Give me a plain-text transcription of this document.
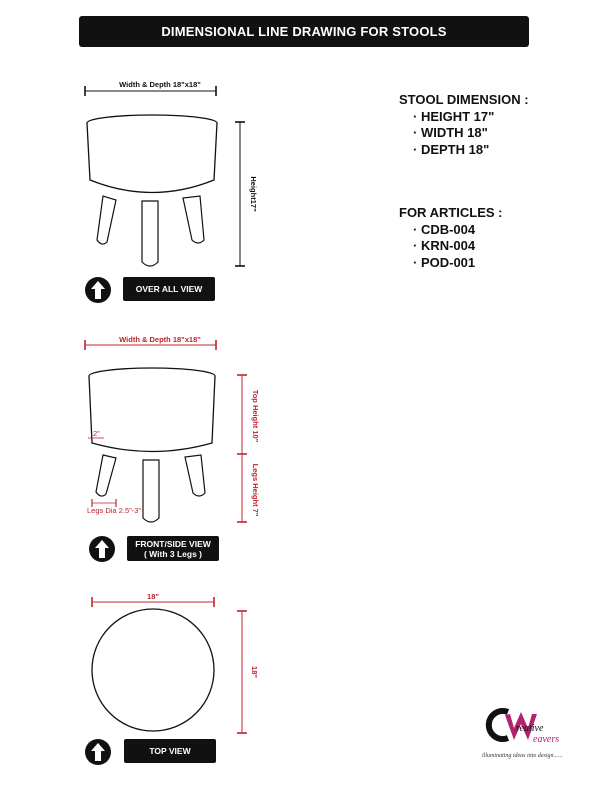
DIMENSIONAL LINE DRAWING FOR STOOLS
STOOL DIMENSION :
· HEIGHT 17"
· WIDTH 18"
· DEPTH 18"
FOR ARTICLES :
· CDB-004
· KRN-004
· POD-001
Width & Depth 18"x18"
Height17"
Width & Depth 18"x18"
2"
Legs Dia 2.5"-3"
Top Height 10"
Legs Height 7"
18"
18"
OVER ALL VIEW
FRONT/SIDE VIEW
( With 3 Legs )
TOP VIEW
reative
eavers
illuminating ideas into design......
